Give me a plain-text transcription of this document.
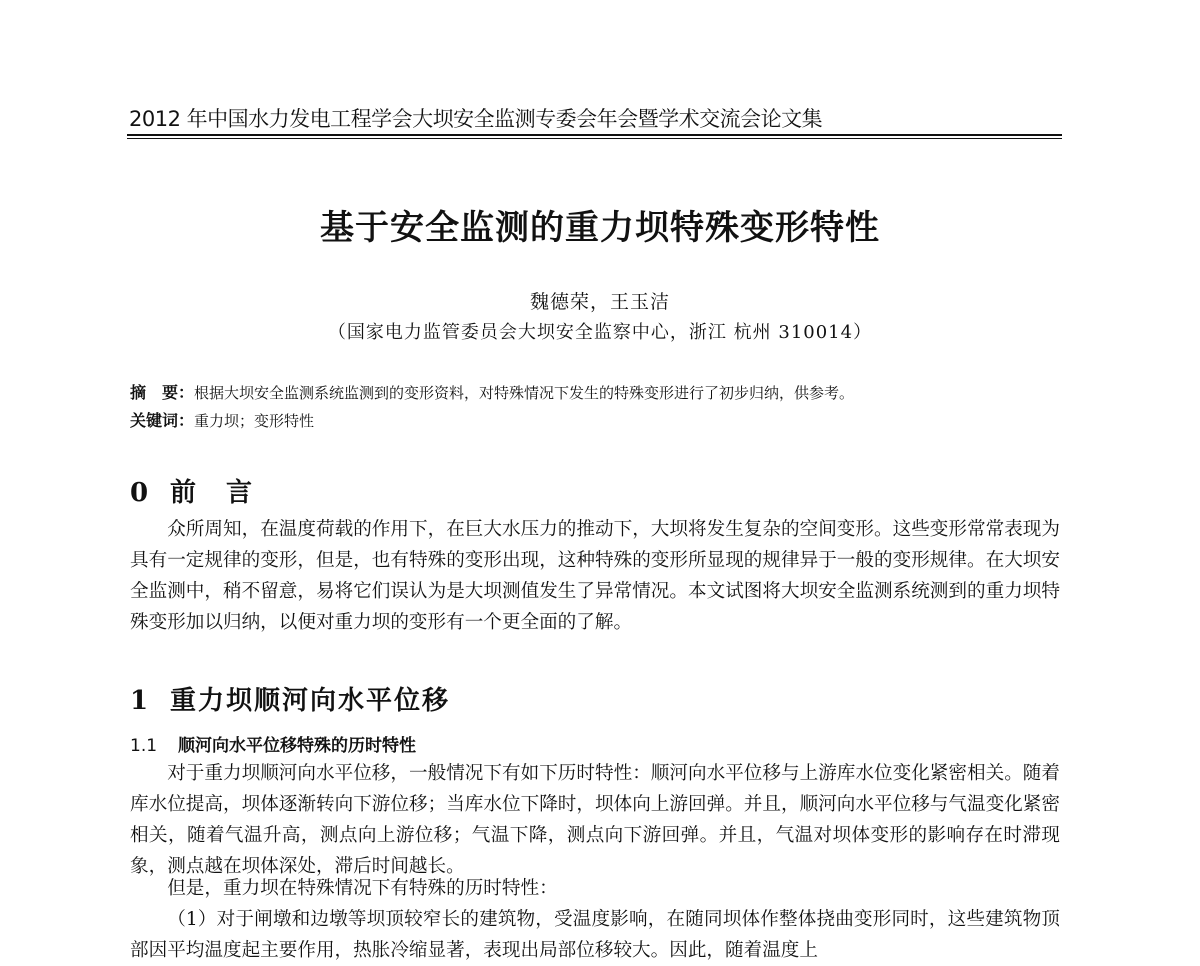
2012 年中国水力发电工程学会大坝安全监测专委会年会暨学术交流会论文集

基于安全监测的重力坝特殊变形特性

魏德荣，王玉洁

（国家电力监管委员会大坝安全监察中心，浙江 杭州 310014）

摘　要：根据大坝安全监测系统监测到的变形资料，对特殊情况下发生的特殊变形进行了初步归纳，供参考。

关键词：重力坝；变形特性

0 前　言

众所周知，在温度荷载的作用下，在巨大水压力的推动下，大坝将发生复杂的空间变形。这些变形常常表现为具有一定规律的变形，但是，也有特殊的变形出现，这种特殊的变形所显现的规律异于一般的变形规律。在大坝安全监测中，稍不留意，易将它们误认为是大坝测值发生了异常情况。本文试图将大坝安全监测系统测到的重力坝特殊变形加以归纳，以便对重力坝的变形有一个更全面的了解。

1 重力坝顺河向水平位移
1.1 顺河向水平位移特殊的历时特性

对于重力坝顺河向水平位移，一般情况下有如下历时特性：顺河向水平位移与上游库水位变化紧密相关。随着库水位提高，坝体逐渐转向下游位移；当库水位下降时，坝体向上游回弹。并且，顺河向水平位移与气温变化紧密相关，随着气温升高，测点向上游位移；气温下降，测点向下游回弹。并且，气温对坝体变形的影响存在时滞现象，测点越在坝体深处，滞后时间越长。

但是，重力坝在特殊情况下有特殊的历时特性：

（1）对于闸墩和边墩等坝顶较窄长的建筑物，受温度影响，在随同坝体作整体挠曲变形同时，这些建筑物顶部因平均温度起主要作用，热胀冷缩显著，表现出局部位移较大。因此，随着温度上
